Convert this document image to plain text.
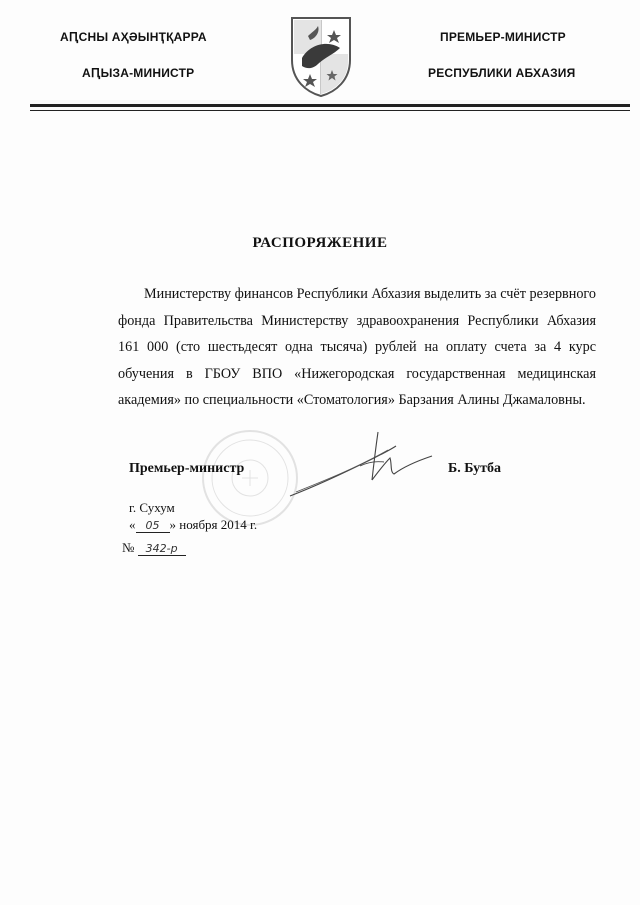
АԤСНЫ АҲӘЫНҬҚАРРА
АԤЫЗА-МИНИСТР
ПРЕМЬЕР-МИНИСТР
РЕСПУБЛИКИ АБХАЗИЯ
РАСПОРЯЖЕНИЕ

Министерству финансов Республики Абхазия выделить за счёт резервного фонда Правительства Министерству здравоохранения Республики Абхазия 161 000 (сто шестьдесят одна тысяча) рублей на оплату счета за 4 курс обучения в ГБОУ ВПО «Нижегородская государственная медицинская академия» по специальности «Стоматология» Барзания Алины Джамаловны.

Премьер-министр	Б. Бутба
г. Сухум
« 05 » ноября 2014 г.
№ 342-р
